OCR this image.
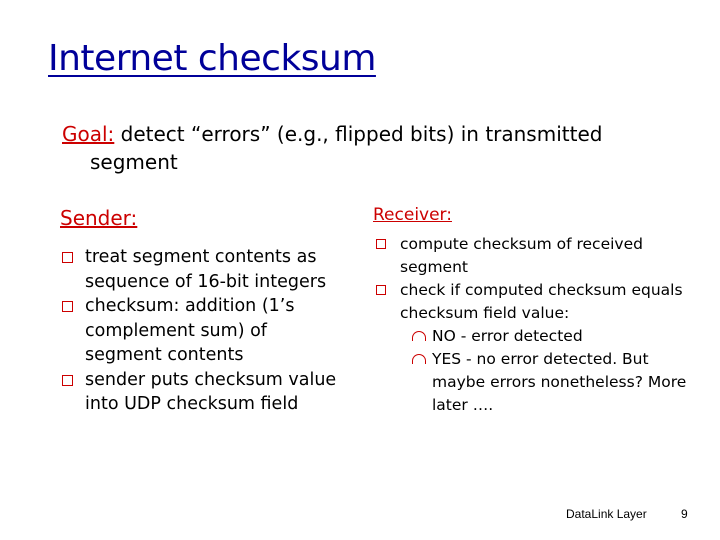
Internet checksum
Goal: detect “errors” (e.g., flipped bits) in transmitted
segment
Sender:
treat segment contents as sequence of 16-bit integers
checksum: addition (1’s complement sum) of segment contents
sender puts checksum value into UDP checksum field
Receiver:
compute checksum of received segment
check if computed checksum equals checksum field value:
NO - error detected
YES - no error detected. But maybe errors nonetheless? More later ….
DataLink Layer	9
